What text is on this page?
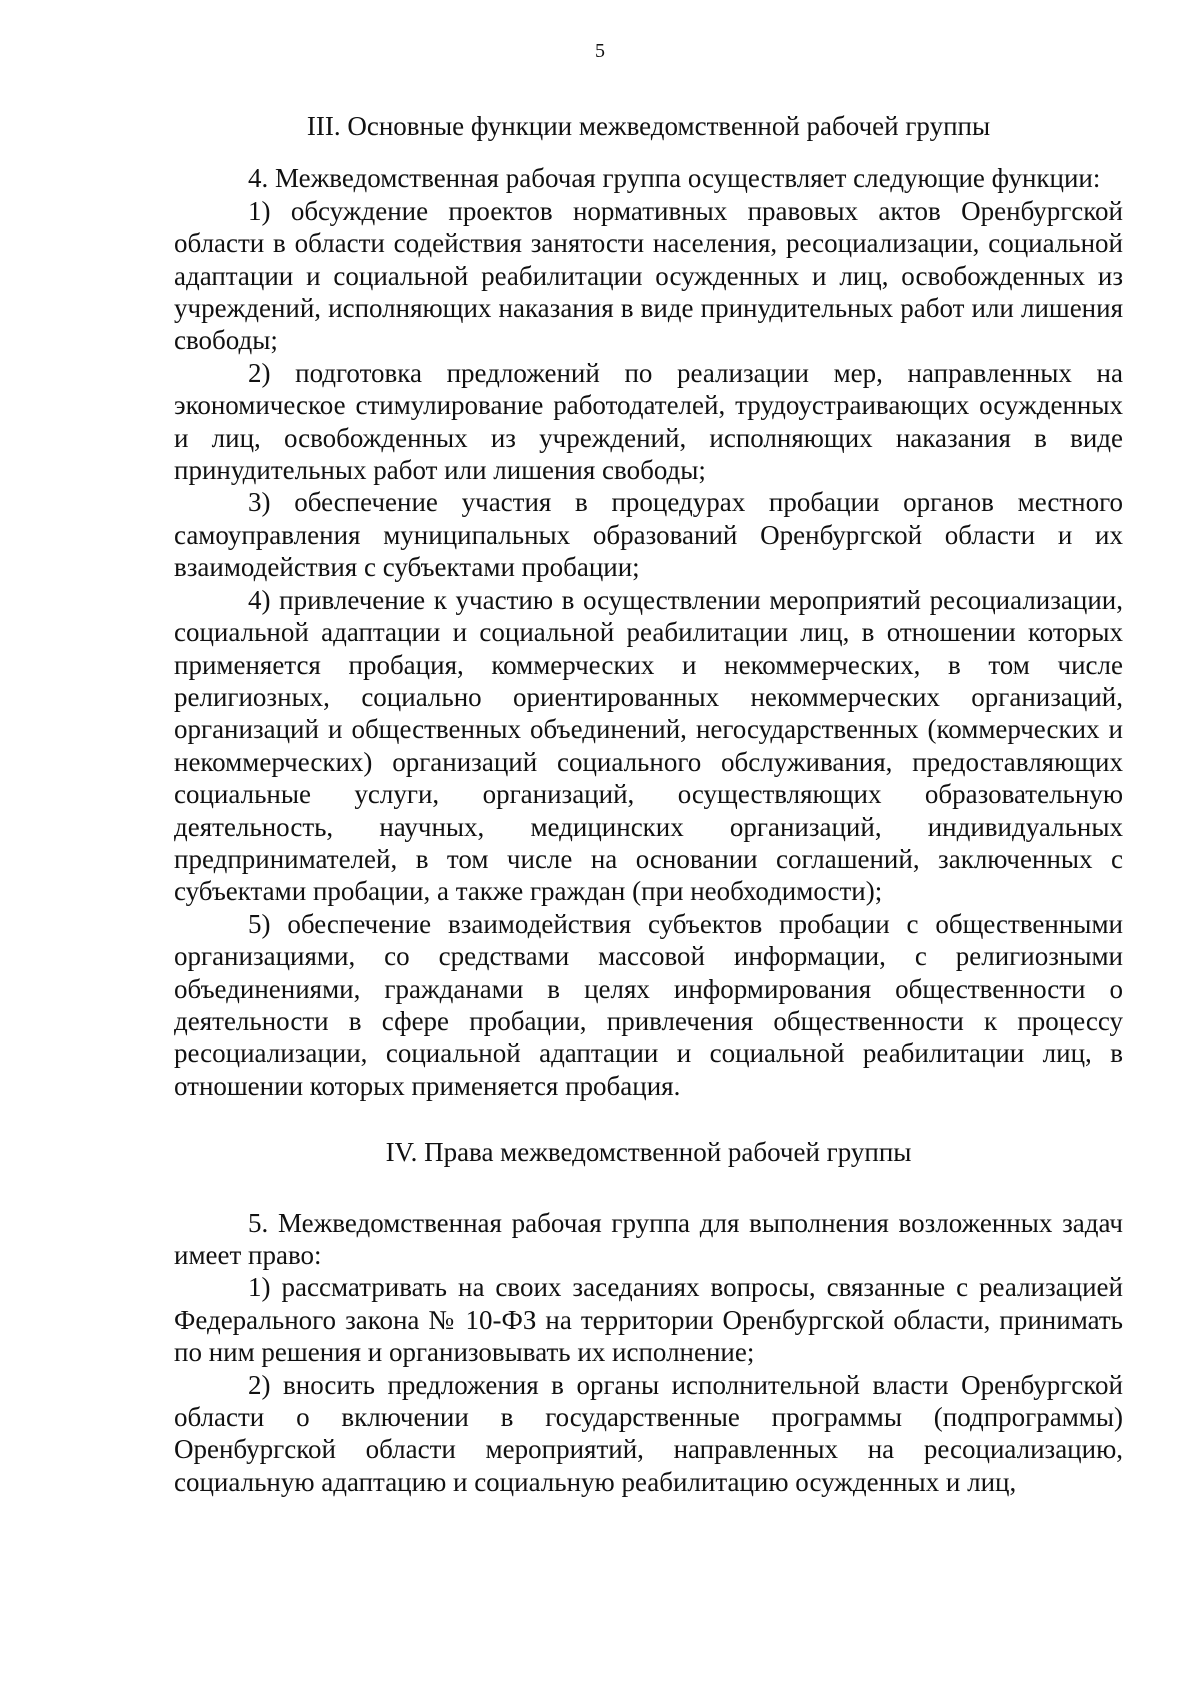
5
III. Основные функции межведомственной рабочей группы

4. Межведомственная рабочая группа осуществляет следующие функции:

1) обсуждение проектов нормативных правовых актов Оренбургской области в области содействия занятости населения, ресоциализации, социальной адаптации и социальной реабилитации осужденных и лиц, освобожденных из учреждений, исполняющих наказания в виде принудительных работ или лишения свободы;

2) подготовка предложений по реализации мер, направленных на экономическое стимулирование работодателей, трудоустраивающих осужденных и лиц, освобожденных из учреждений, исполняющих наказания в виде принудительных работ или лишения свободы;

3) обеспечение участия в процедурах пробации органов местного самоуправления муниципальных образований Оренбургской области и их взаимодействия с субъектами пробации;

4) привлечение к участию в осуществлении мероприятий ресоциализации, социальной адаптации и социальной реабилитации лиц, в отношении которых применяется пробация, коммерческих и некоммерческих, в том числе религиозных, социально ориентированных некоммерческих организаций, организаций и общественных объединений, негосударственных (коммерческих и некоммерческих) организаций социального обслуживания, предоставляющих социальные услуги, организаций, осуществляющих образовательную деятельность, научных, медицинских организаций, индивидуальных предпринимателей, в том числе на основании соглашений, заключенных с субъектами пробации, а также граждан (при необходимости);

5) обеспечение взаимодействия субъектов пробации с общественными организациями, со средствами массовой информации, с религиозными объединениями, гражданами в целях информирования общественности о деятельности в сфере пробации, привлечения общественности к процессу ресоциализации, социальной адаптации и социальной реабилитации лиц, в отношении которых применяется пробация.

IV. Права межведомственной рабочей группы

5. Межведомственная рабочая группа для выполнения возложенных задач имеет право:

1) рассматривать на своих заседаниях вопросы, связанные с реализацией Федерального закона № 10-ФЗ на территории Оренбургской области, принимать по ним решения и организовывать их исполнение;

2) вносить предложения в органы исполнительной власти Оренбургской области о включении в государственные программы (подпрограммы) Оренбургской области мероприятий, направленных на ресоциализацию, социальную адаптацию и социальную реабилитацию осужденных и лиц,
